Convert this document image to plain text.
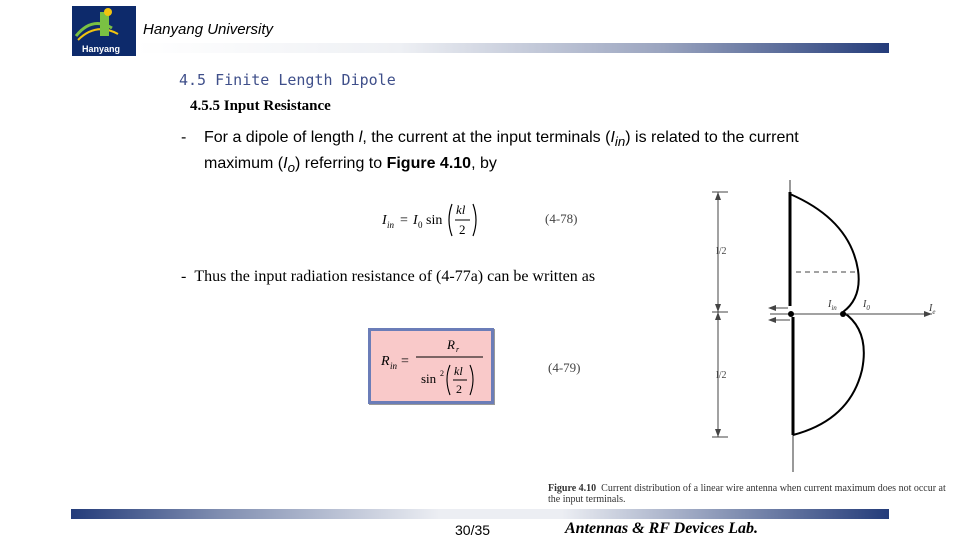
Hanyang
Hanyang University
4.5 Finite Length Dipole
4.5.5 Input Resistance
- For a dipole of length l, the current at the input terminals $(I_{in})$ is related to the current
maximum $(I_o)$ referring to Figure 4.10, by
I in = I 0 sin
kl
2
(4-78)
- Thus the input radiation resistance of (4-77a) can be written as
R in =
R r
sin 2 kl
2
(4-79)
l/2
l/2
$I_{in}$	$I_0$	$I_e$
Figure 4.10 Current distribution of a linear wire antenna when current maximum does not occur at the input terminals.
30/35	Antennas & RF Devices Lab.
